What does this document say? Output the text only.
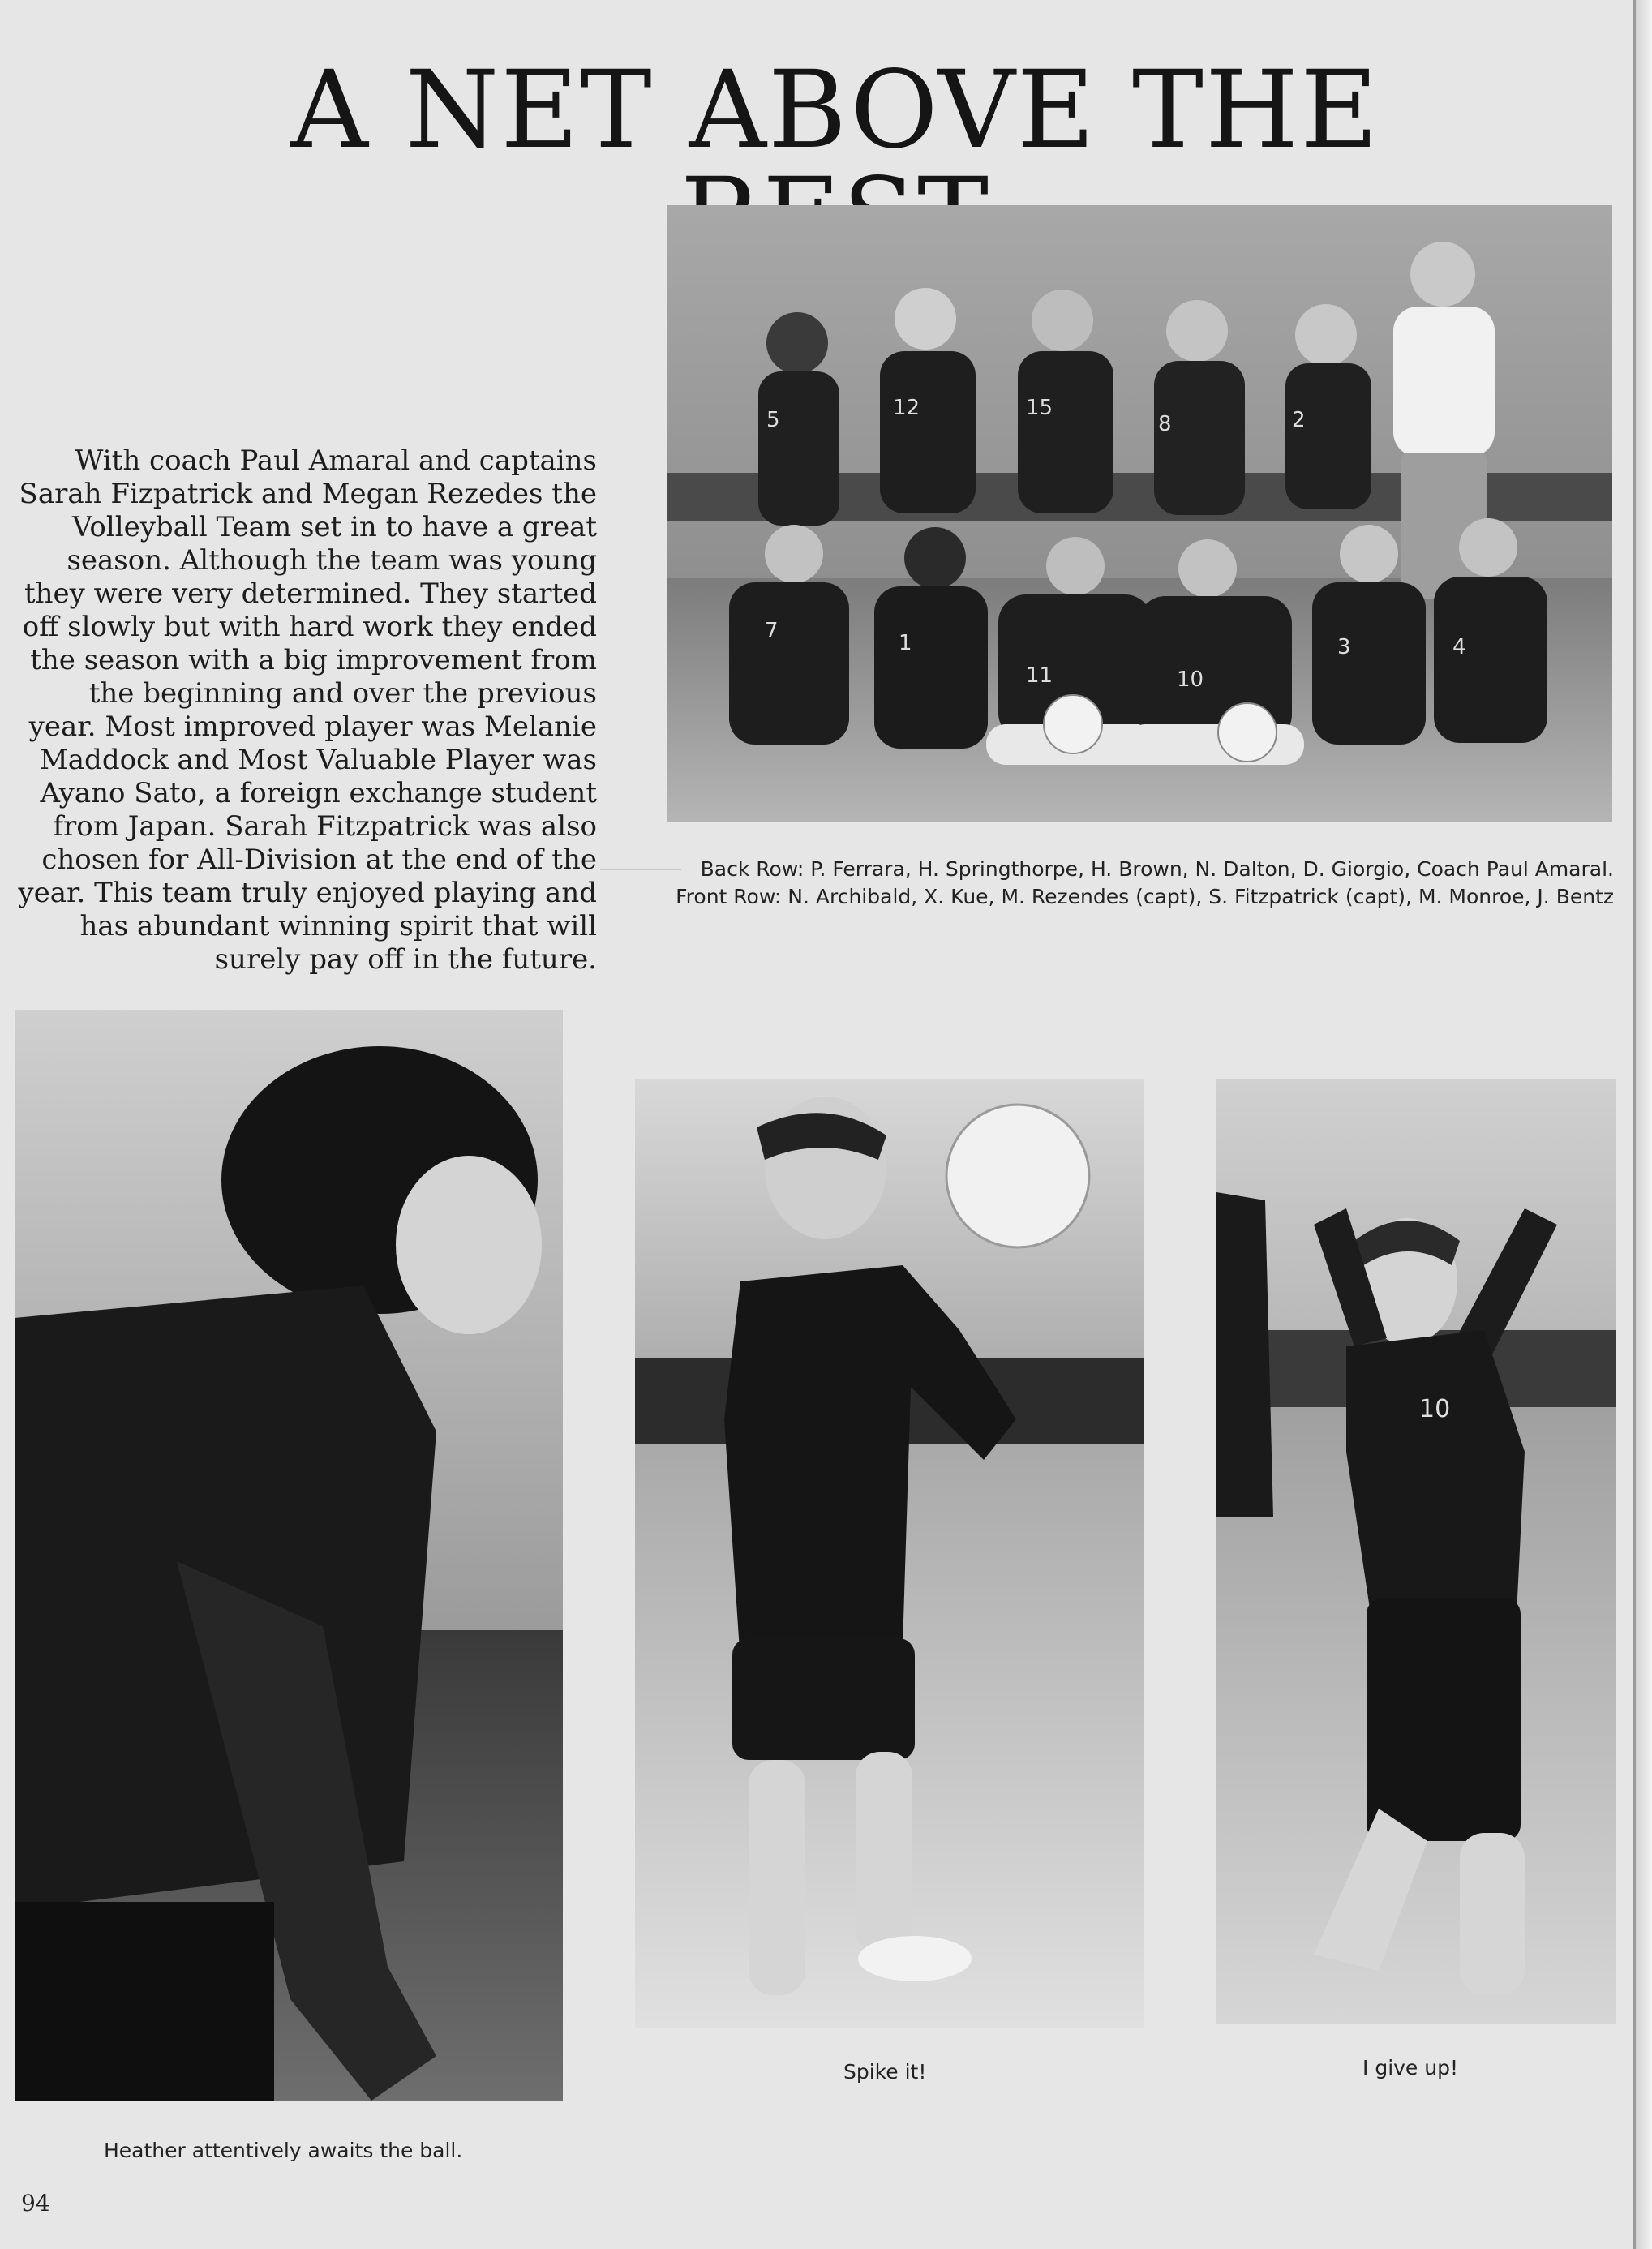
A NET ABOVE THE

With coach Paul Amaral and captains Sarah Fizpatrick and Megan Rezedes the Volleyball Team set in to have a great season. Although the team was young they were very determined. They started off slowly but with hard work they ended the season with a big improvement from the beginning and over the previous year. Most improved player was Melanie Maddock and Most Valuable Player was Ayano Sato, a foreign exchange student from Japan. Sarah Fitzpatrick was also chosen for All-Division at the end of the year. This team truly enjoyed playing and has abundant winning spirit that will surely pay off in the future.

5	12	15
8	2
7	1
11	10
3	4

Back Row: P. Ferrara, H. Springthorpe, H. Brown, N. Dalton, D. Giorgio, Coach Paul Amaral. Front Row: N. Archibald, X. Kue, M. Rezendes (capt), S. Fitzpatrick (capt), M. Monroe, J. Bentz

Heather attentively awaits the ball.

Spike it!

10

I give up!

94
